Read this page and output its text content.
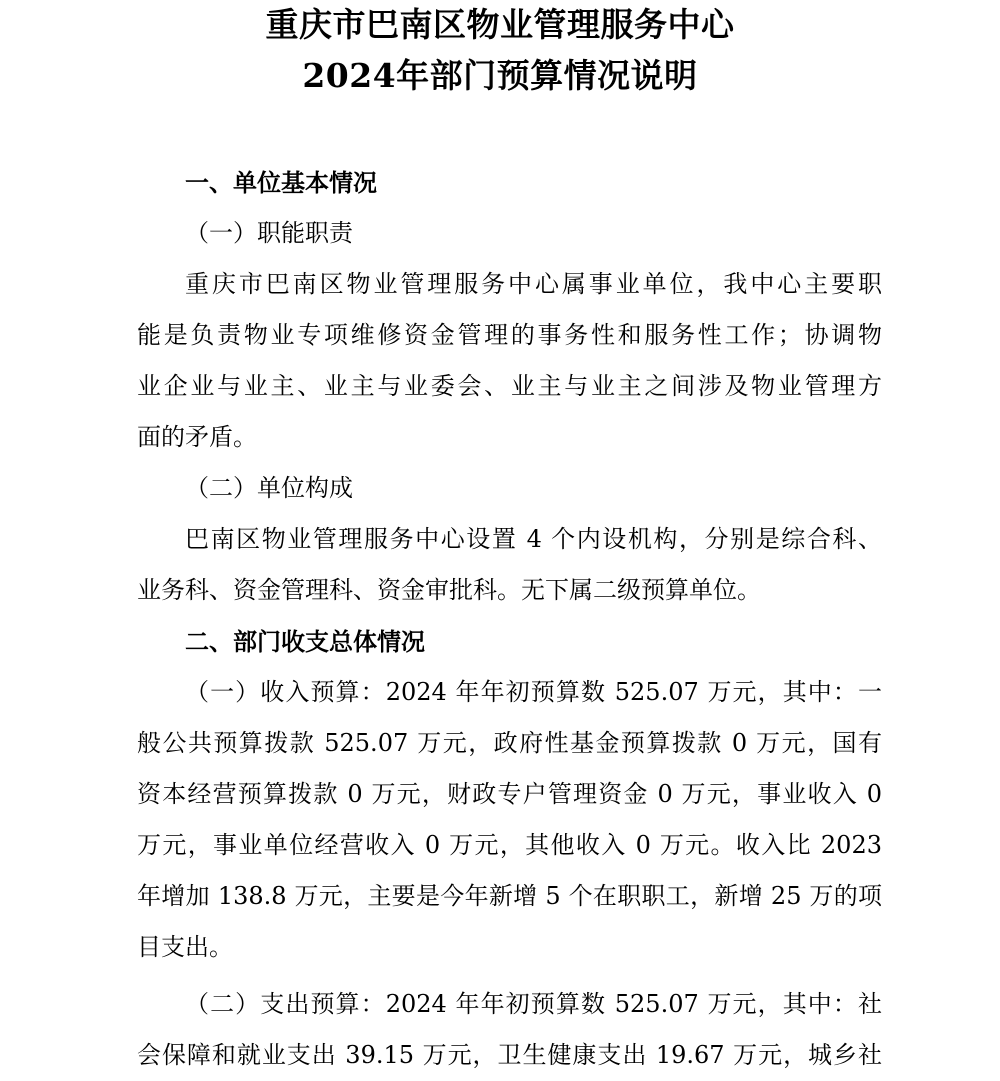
重庆市巴南区物业管理服务中心
2024年部门预算情况说明
一、单位基本情况
（一）职能职责
重庆市巴南区物业管理服务中心属事业单位，我中心主要职
能是负责物业专项维修资金管理的事务性和服务性工作；协调物
业企业与业主、业主与业委会、业主与业主之间涉及物业管理方
面的矛盾。
（二）单位构成
巴南区物业管理服务中心设置 4 个内设机构，分别是综合科、
业务科、资金管理科、资金审批科。无下属二级预算单位。
二、部门收支总体情况
（一）收入预算：2024 年年初预算数 525.07 万元，其中：一
般公共预算拨款 525.07 万元，政府性基金预算拨款 0 万元，国有
资本经营预算拨款 0 万元，财政专户管理资金 0 万元，事业收入 0
万元，事业单位经营收入 0 万元，其他收入 0 万元。收入比 2023
年增加 138.8 万元，主要是今年新增 5 个在职职工，新增 25 万的项
目支出。
（二）支出预算：2024 年年初预算数 525.07 万元，其中：社
会保障和就业支出 39.15 万元，卫生健康支出 19.67 万元，城乡社
